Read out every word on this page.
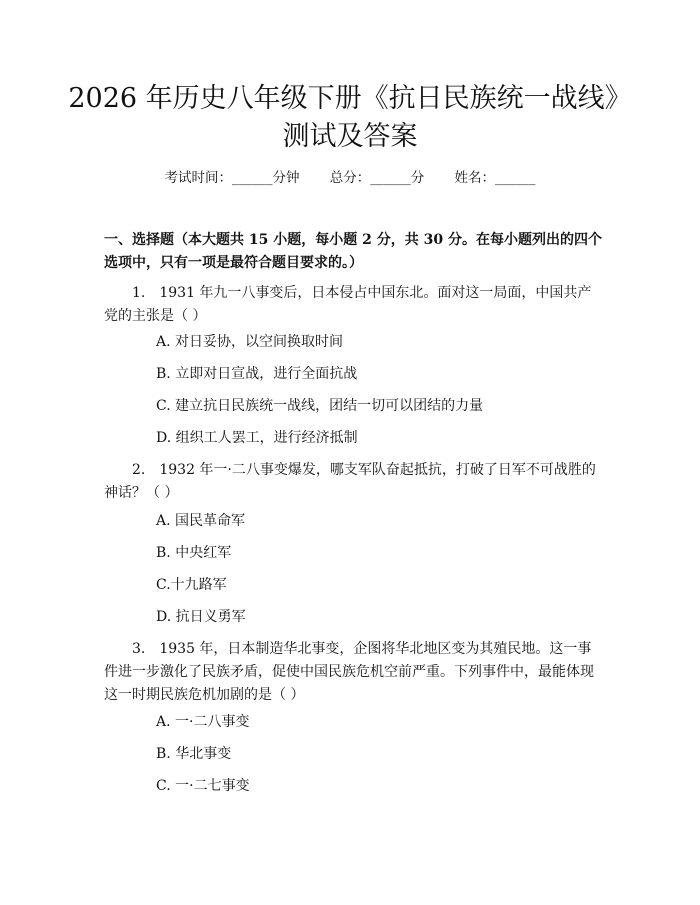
2026 年历史八年级下册《抗日民族统一战线》测试及答案
考试时间：______分钟 总分：______分 姓名：______

一、选择题（本大题共 15 小题，每小题 2 分，共 30 分。在每小题列出的四个选项中，只有一项是最符合题目要求的。）

1.　1931 年九一八事变后，日本侵占中国东北。面对这一局面，中国共产党的主张是（ ）

A. 对日妥协，以空间换取时间

B. 立即对日宣战，进行全面抗战

C. 建立抗日民族统一战线，团结一切可以团结的力量

D. 组织工人罢工，进行经济抵制

2.　1932 年一·二八事变爆发，哪支军队奋起抵抗，打破了日军不可战胜的神话？（ ）

A. 国民革命军

B. 中央红军

C.十九路军

D. 抗日义勇军

3.　1935 年，日本制造华北事变，企图将华北地区变为其殖民地。这一事件进一步激化了民族矛盾，促使中国民族危机空前严重。下列事件中，最能体现这一时期民族危机加剧的是（ ）

A. 一·二八事变

B. 华北事变

C. 一·二七事变
